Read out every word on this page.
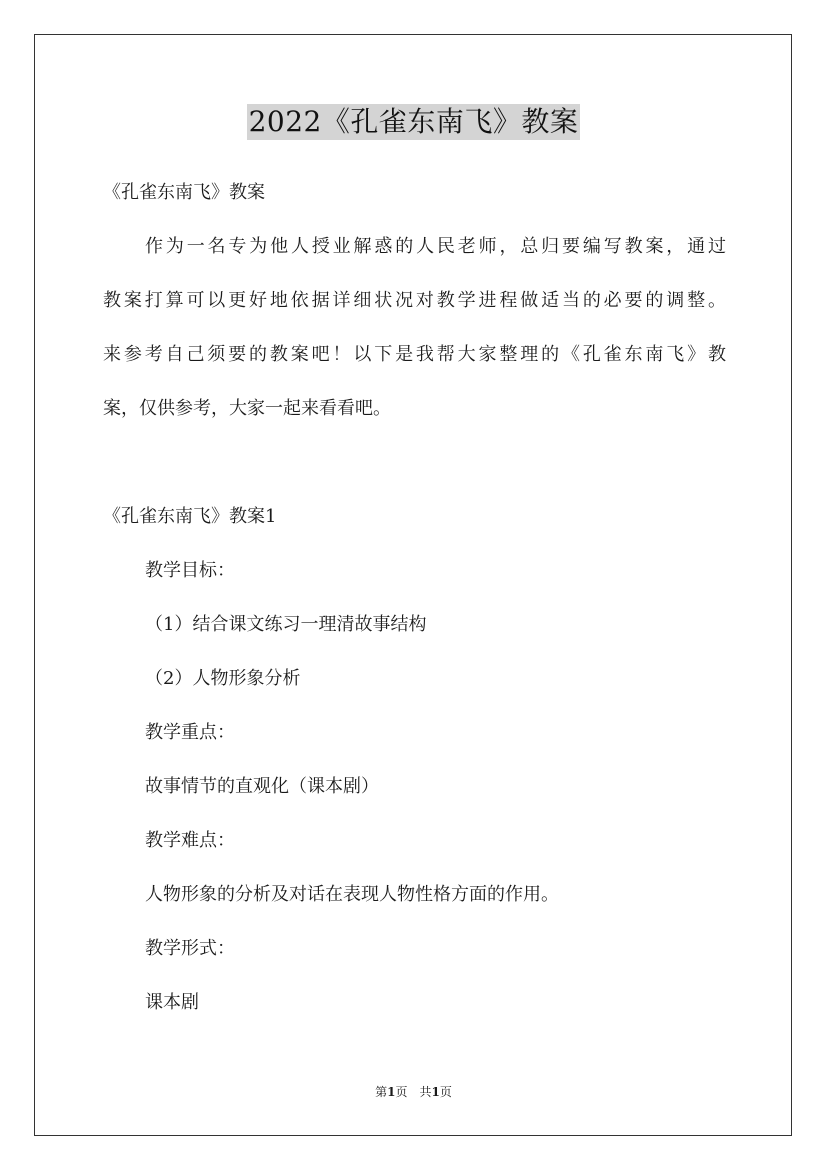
2022《孔雀东南飞》教案
《孔雀东南飞》教案
作为一名专为他人授业解惑的人民老师，总归要编写教案，通过
教案打算可以更好地依据详细状况对教学进程做适当的必要的调整。
来参考自己须要的教案吧！以下是我帮大家整理的《孔雀东南飞》教
案，仅供参考，大家一起来看看吧。
《孔雀东南飞》教案1
教学目标：
（1）结合课文练习一理清故事结构
（2）人物形象分析
教学重点：
故事情节的直观化（课本剧）
教学难点：
人物形象的分析及对话在表现人物性格方面的作用。
教学形式：
课本剧
第1页　共1页
